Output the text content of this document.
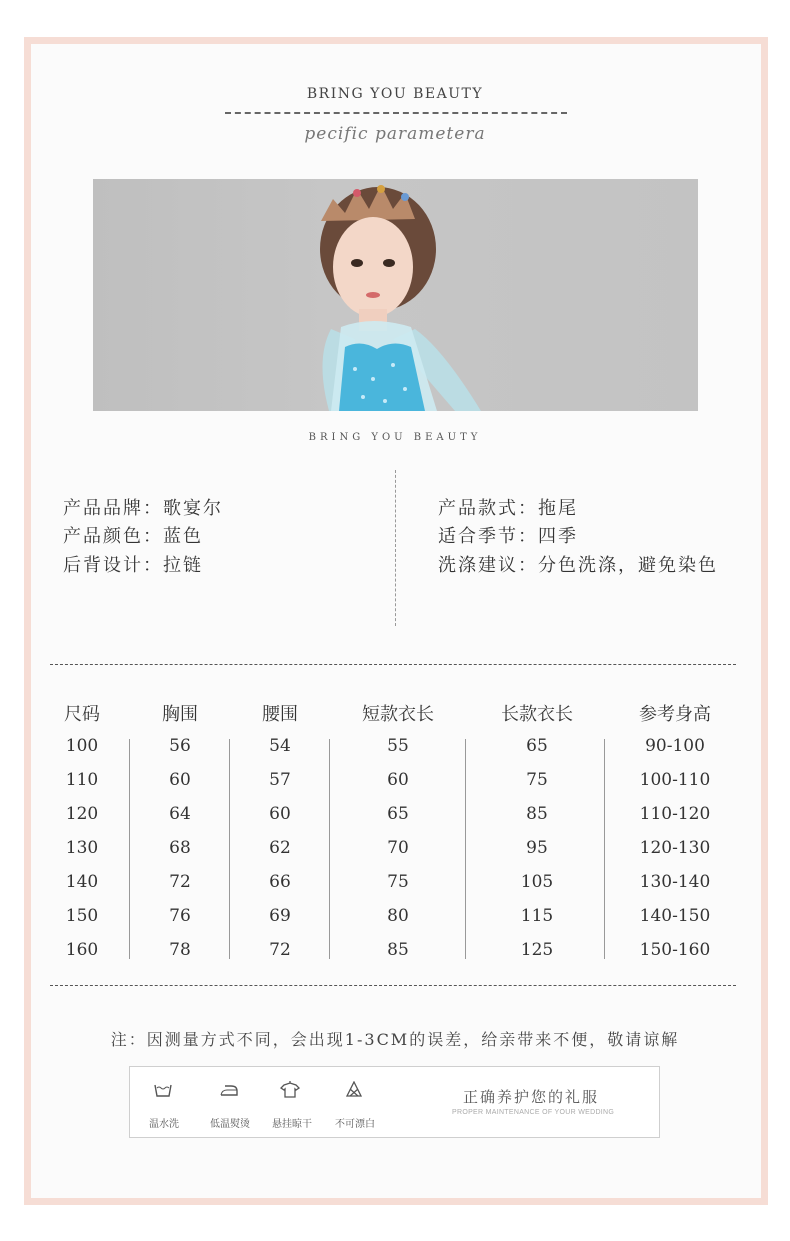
BRING YOU BEAUTY
pecific parametera
BRING YOU BEAUTY
产品品牌：歌宴尔
产品颜色：蓝色
后背设计：拉链
产品款式：拖尾
适合季节：四季
洗涤建议：分色洗涤，避免染色
尺码	胸围	腰围	短款衣长	长款衣长	参考身高
100	56	54	55	65	90-100
110	60	57	60	75	100-110
120	64	60	65	85	110-120
130	68	62	70	95	120-130
140	72	66	75	105	130-140
150	76	69	80	115	140-150
160	78	72	85	125	150-160
注：因测量方式不同，会出现1-3CM的误差，给亲带来不便，敬请谅解
温水洗	低温熨烫	悬挂晾干	不可漂白
正确养护您的礼服
PROPER MAINTENANCE OF YOUR WEDDING
